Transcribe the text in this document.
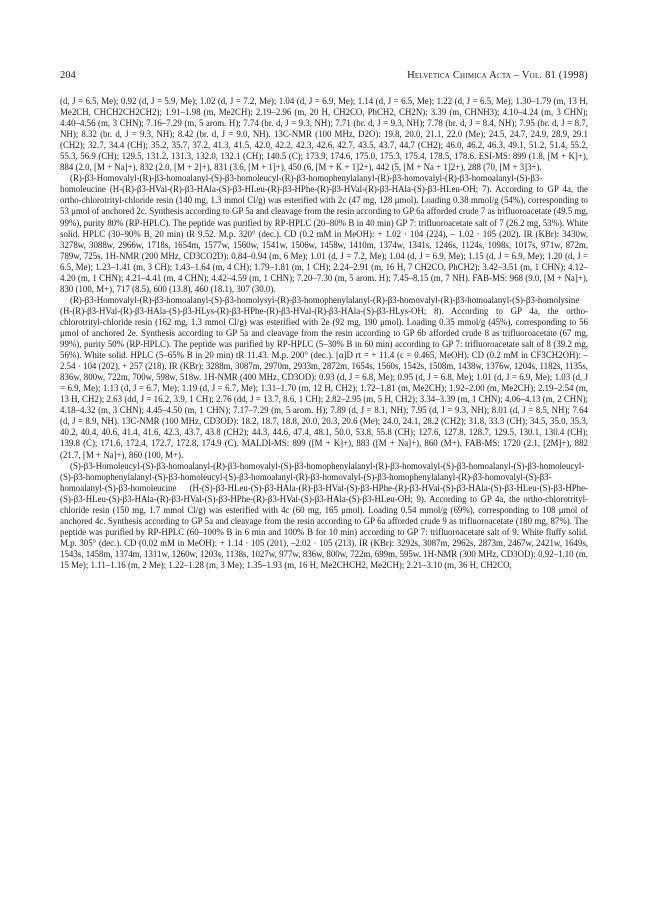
204	Helvetica Chimica Acta – Vol. 81 (1998)

(d, J = 6.5, Me); 0.92 (d, J = 5.9, Me); 1.02 (d, J = 7.2, Me); 1.04 (d, J = 6.9, Me); 1.14 (d, J = 6.5, Me); 1.22 (d, J = 6.5, Me); 1.30–1.79 (m, 13 H, Me2CH, CHCH2CH2CH2); 1.91–1.98 (m, Me2CH); 2.19–2.96 (m, 20 H, CH2CO, PhCH2, CH2N); 3.39 (m, CHNH3); 4.10–4.24 (m, 3 CHN); 4.40–4.56 (m, 3 CHN); 7.16–7.29 (m, 5 arom. H); 7.74 (br. d, J = 9.3, NH); 7.71 (br. d, J = 9.3, NH); 7.78 (br. d, J = 8.4, NH); 7.95 (br. d, J = 8.7, NH); 8.32 (br. d, J = 9.3, NH); 8.42 (br. d, J = 9.0, NH). 13C-NMR (100 MHz, D2O): 19.8, 20.0, 21.1, 22.0 (Me); 24.5, 24.7, 24.9, 28.9, 29.1 (CH2); 32.7, 34.4 (CH); 35.2, 35.7, 37.2, 41.3, 41.5, 42.0, 42.2, 42.3, 42.6, 42.7, 43.5, 43.7, 44.7 (CH2); 46.0, 46.2, 46.3, 49.1, 51.2, 51.4, 55.2, 55.3, 56.9 (CH); 129.5, 131.2, 131.3, 132.0, 132.1 (CH); 140.5 (C); 173.9, 174.6, 175.0, 175.3, 175.4, 178.5, 178.6. ESI-MS: 899 (1.8, [M + K]+), 884 (2.0, [M + Na]+), 832 (2.0, [M + 2]+), 831 (3.6, [M + 1]+), 450 (6, [M + K + 1]2+), 442 (5, [M + Na + 1]2+), 288 (70, [M + 3]3+).

(R)-β3-Homovalyl-(R)-β3-homoalanyl-(S)-β3-homoleucyl-(R)-β3-homophenylalanyl-(R)-β3-homovalyl-(R)-β3-homoalanyl-(S)-β3-homoleucine (H-(R)-β3-HVal-(R)-β3-HAla-(S)-β3-HLeu-(R)-β3-HPhe-(R)-β3-HVal-(R)-β3-HAla-(S)-β3-HLeu-OH; 7). According to GP 4a, the ortho-chlorotrityl-chloride resin (140 mg, 1.3 mmol Cl/g) was esterified with 2c (47 mg, 128 μmol). Loading 0.38 mmol/g (54%), corresponding to 53 μmol of anchored 2c. Synthesis according to GP 5a and cleavage from the resin according to GP 6a afforded crude 7 as trifluoroacetate (49.5 mg, 99%), purity 80% (RP-HPLC). The peptide was purified by RP-HPLC (20–80% B in 40 min) GP 7: trifluoroacetate salt of 7 (26.2 mg, 53%). White solid. HPLC (30–90% B, 20 min) tR 9.52. M.p. 320° (dec.). CD (0.2 mM in MeOH): + 1.02 · 104 (224), – 1.02 · 105 (202). IR (KBr): 3430w, 3278w, 3088w, 2966w, 1718s, 1654m, 1577w, 1560w, 1541w, 1506w, 1458w, 1410m, 1374w, 1341s, 1246s, 1124s, 1098s, 1017s, 971w, 872m, 789w, 725s. 1H-NMR (200 MHz, CD3CO2D): 0.84–0.94 (m, 6 Me); 1.01 (d, J = 7.2, Me); 1.04 (d, J = 6.9, Me); 1.15 (d, J = 6.9, Me); 1.20 (d, J = 6.5, Me); 1.23–1.41 (m, 3 CH); 1.43–1.64 (m, 4 CH); 1.79–1.81 (m, 1 CH); 2.24–2.91 (m, 16 H, 7 CH2CO, PhCH2); 3.42–3.51 (m, 1 CHN); 4.12–4.20 (m, 1 CHN); 4.21–4.41 (m, 4 CHN); 4.42–4.59 (m, 1 CHN); 7.20–7.30 (m, 5 arom. H); 7.45–8.15 (m, 7 NH). FAB-MS: 968 (9.0, [M + Na]+), 830 (100, M+), 717 (8.5), 600 (13.8), 460 (18.1), 307 (30.0).

(R)-β3-Homovalyl-(R)-β3-homoalanyl-(S)-β3-homolysyl-(R)-β3-homophenylalanyl-(R)-β3-homovalyl-(R)-β3-homoalanyl-(S)-β3-homolysine (H-(R)-β3-HVal-(R)-β3-HAla-(S)-β3-HLys-(R)-β3-HPhe-(R)-β3-HVal-(R)-β3-HAla-(S)-β3-HLys-OH; 8). According to GP 4a, the ortho-chlorotrityl-chloride resin (162 mg, 1.3 mmol Cl/g) was esterified with 2e (92 mg, 190 μmol). Loading 0.35 mmol/g (45%), corresponding to 56 μmol of anchored 2e. Synthesis according to GP 5a and cleavage from the resin according to GP 6b afforded crude 8 as trifluoroacetate (67 mg, 99%), purity 50% (RP-HPLC). The peptide was purified by RP-HPLC (5–30% B in 60 min) according to GP 7: trifluoroacetate salt of 8 (39.2 mg, 56%). White solid. HPLC (5–65% B in 20 min) tR 11.43. M.p. 200° (dec.). [α]D rt = + 11.4 (c = 0.465, MeOH). CD (0.2 mM in CF3CH2OH): –2.54 · 104 (202), + 257 (218). IR (KBr): 3288m, 3087m, 2970m, 2933m, 2872m, 1654s, 1560s, 1542s, 1508m, 1438w, 1376w, 1204s, 1182s, 1135s, 836w, 800w, 722m, 700w, 598w, 518w. 1H-NMR (400 MHz, CD3OD): 0.93 (d, J = 6.8, Me); 0.95 (d, J = 6.8, Me); 1.01 (d, J = 6.9, Me); 1.03 (d, J = 6.9, Me); 1.13 (d, J = 6.7, Me); 1.19 (d, J = 6.7, Me); 1.31–1.70 (m, 12 H, CH2); 1.72–1.81 (m, Me2CH); 1.92–2.00 (m, Me2CH); 2.19–2.54 (m, 13 H, CH2); 2.63 (dd, J = 16.2, 3.9, 1 CH); 2.76 (dd, J = 13.7, 8.6, 1 CH); 2.82–2.95 (m, 5 H, CH2); 3.34–3.39 (m, 1 CHN); 4.06–4.13 (m, 2 CHN); 4.18–4.32 (m, 3 CHN); 4.45–4.50 (m, 1 CHN); 7.17–7.29 (m, 5 arom. H); 7.89 (d, J = 8.1, NH); 7.95 (d, J = 9.3, NH); 8.01 (d, J = 8.5, NH); 7.64 (d, J = 8.9, NH). 13C-NMR (100 MHz, CD3OD): 18.2, 18.7, 18.8, 20.0, 20.3, 20.6 (Me); 24.0, 24.1, 28.2 (CH2); 31.8, 33.3 (CH); 34.5, 35.0, 35.3, 40.2, 40.4, 40.6, 41.4, 41.6, 42.3, 43.7, 43.8 (CH2); 44.3, 44.6, 47.4, 48.1, 50.0, 53.8, 55.8 (CH); 127.6, 127.8, 128.7, 129.5, 130.1, 130.4 (CH); 139.8 (C); 171.6, 172.4, 172.7, 172.8, 174.9 (C). MALDI-MS: 899 ([M + K]+), 883 ([M + Na]+), 860 (M+). FAB-MS: 1720 (2.1, [2M]+), 882 (21.7, [M + Na]+), 860 (100, M+).

(S)-β3-Homoleucyl-(S)-β3-homoalanyl-(R)-β3-homovalyl-(S)-β3-homophenylalanyl-(R)-β3-homovalyl-(S)-β3-homoalanyl-(S)-β3-homoleucyl-(S)-β3-homophenylalanyl-(S)-β3-homoleucyl-(S)-β3-homoalanyl-(R)-β3-homovalyl-(S)-β3-homophenylalanyl-(R)-β3-homovalyl-(S)-β3-homoalanyl-(S)-β3-homoleucine (H-(S)-β3-HLeu-(S)-β3-HAla-(R)-β3-HVal-(S)-β3-HPhe-(R)-β3-HVal-(S)-β3-HAla-(S)-β3-HLeu-(S)-β3-HPhe-(S)-β3-HLeu-(S)-β3-HAla-(R)-β3-HVal-(S)-β3-HPhe-(R)-β3-HVal-(S)-β3-HAla-(S)-β3-HLeu-OH; 9). According to GP 4a, the ortho-chlorotrityl-chloride resin (150 mg, 1.7 mmol Cl/g) was esterified with 4c (60 mg, 165 μmol). Loading 0.54 mmol/g (69%), corresponding to 108 μmol of anchored 4c. Synthesis according to GP 5a and cleavage from the resin according to GP 6a afforded crude 9 as trifluoroacetate (180 mg, 87%). The peptide was purified by RP-HPLC (60–100% B in 6 min and 100% B for 10 min) according to GP 7: trifluoroacetate salt of 9. White fluffy solid. M.p. 305° (dec.). CD (0.02 mM in MeOH): + 1.14 · 105 (201), –2.02 · 105 (213). IR (KBr): 3292s, 3087m, 2962s, 2873m, 2467w, 2421w, 1649s, 1543s, 1458m, 1374m, 1311w, 1260w, 1203s, 1138s, 1027w, 977w, 836w, 800w, 722m, 699m, 595w. 1H-NMR (300 MHz, CD3OD): 0.92–1.10 (m, 15 Me); 1.11–1.16 (m, 2 Me); 1.22–1.28 (m, 3 Me); 1.35–1.93 (m, 16 H, Me2CHCH2, Me2CH); 2.21–3.10 (m, 36 H, CH2CO,
